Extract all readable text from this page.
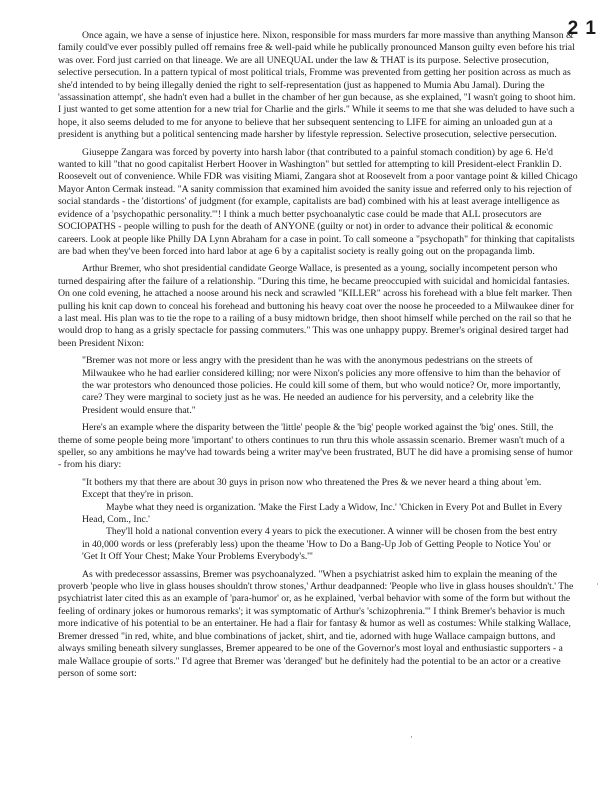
2 1

Once again, we have a sense of injustice here. Nixon, responsible for mass murders far more massive than anything Manson & family could've ever possibly pulled off remains free & well-paid while he publically pronounced Manson guilty even before his trial was over. Ford just carried on that lineage. We are all UNEQUAL under the law & THAT is its purpose. Selective prosecution, selective persecution. In a pattern typical of most political trials, Fromme was prevented from getting her position across as much as she'd intended to by being illegally denied the right to self-representation (just as happened to Mumia Abu Jamal). During the 'assassination attempt', she hadn't even had a bullet in the chamber of her gun because, as she explained, "I wasn't going to shoot him. I just wanted to get some attention for a new trial for Charlie and the girls." While it seems to me that she was deluded to have such a hope, it also seems deluded to me for anyone to believe that her subsequent sentencing to LIFE for aiming an unloaded gun at a president is anything but a political sentencing made harsher by lifestyle repression. Selective prosecution, selective persecution.

Giuseppe Zangara was forced by poverty into harsh labor (that contributed to a painful stomach condition) by age 6. He'd wanted to kill "that no good capitalist Herbert Hoover in Washington" but settled for attempting to kill President-elect Franklin D. Roosevelt out of convenience. While FDR was visiting Miami, Zangara shot at Roosevelt from a poor vantage point & killed Chicago Mayor Anton Cermak instead. "A sanity commission that examined him avoided the sanity issue and referred only to his rejection of social standards - the 'distortions' of judgment (for example, capitalists are bad) combined with his at least average intelligence as evidence of a 'psychopathic personality.'"! I think a much better psychoanalytic case could be made that ALL prosecutors are SOCIOPATHS - people willing to push for the death of ANYONE (guilty or not) in order to advance their political & economic careers. Look at people like Philly DA Lynn Abraham for a case in point. To call someone a "psychopath" for thinking that capitalists are bad when they've been forced into hard labor at age 6 by a capitalist society is really going out on the propaganda limb.

Arthur Bremer, who shot presidential candidate George Wallace, is presented as a young, socially incompetent person who turned despairing after the failure of a relationship. "During this time, he became preoccupied with suicidal and homicidal fantasies. On one cold evening, he attached a noose around his neck and scrawled "KILLER" across his forehead with a blue felt marker. Then pulling his knit cap down to conceal his forehead and buttoning his heavy coat over the noose he proceeded to a Milwaukee diner for a last meal. His plan was to tie the rope to a railing of a busy midtown bridge, then shoot himself while perched on the rail so that he would drop to hang as a grisly spectacle for passing commuters." This was one unhappy puppy. Bremer's original desired target had been President Nixon:

"Bremer was not more or less angry with the president than he was with the anonymous pedestrians on the streets of Milwaukee who he had earlier considered killing; nor were Nixon's policies any more offensive to him than the behavior of the war protestors who denounced those policies. He could kill some of them, but who would notice? Or, more importantly, care? They were marginal to society just as he was. He needed an audience for his perversity, and a celebrity like the President would ensure that."

Here's an example where the disparity between the 'little' people & the 'big' people worked against the 'big' ones. Still, the theme of some people being more 'important' to others continues to run thru this whole assassin scenario. Bremer wasn't much of a speller, so any ambitions he may've had towards being a writer may've been frustrated, BUT he did have a promising sense of humor - from his diary:

"It bothers my that there are about 30 guys in prison now who threatened the Pres & we never heard a thing about 'em. Except that they're in prison.

Maybe what they need is organization. 'Make the First Lady a Widow, Inc.' 'Chicken in Every Pot and Bullet in Every Head, Com., Inc.'

They'll hold a national convention every 4 years to pick the executioner. A winner will be chosen from the best entry in 40,000 words or less (preferably less) upon the theame 'How to Do a Bang-Up Job of Getting People to Notice You' or 'Get It Off Your Chest; Make Your Problems Everybody's.'"

As with predecessor assassins, Bremer was psychoanalyzed. "When a psychiatrist asked him to explain the meaning of the proverb 'people who live in glass houses shouldn't throw stones,' Arthur deadpanned: 'People who live in glass houses shouldn't.' The psychiatrist later cited this as an example of 'para-humor' or, as he explained, 'verbal behavior with some of the form but without the feeling of ordinary jokes or humorous remarks'; it was symptomatic of Arthur's 'schizophrenia.'" I think Bremer's behavior is much more indicative of his potential to be an entertainer. He had a flair for fantasy & humor as well as costumes: While stalking Wallace, Bremer dressed "in red, white, and blue combinations of jacket, shirt, and tie, adorned with huge Wallace campaign buttons, and always smiling beneath silvery sunglasses, Bremer appeared to be one of the Governor's most loyal and enthusiastic supporters - a male Wallace groupie of sorts." I'd agree that Bremer was 'deranged' but he definitely had the potential to be an actor or a creative person of some sort:

˙
·
